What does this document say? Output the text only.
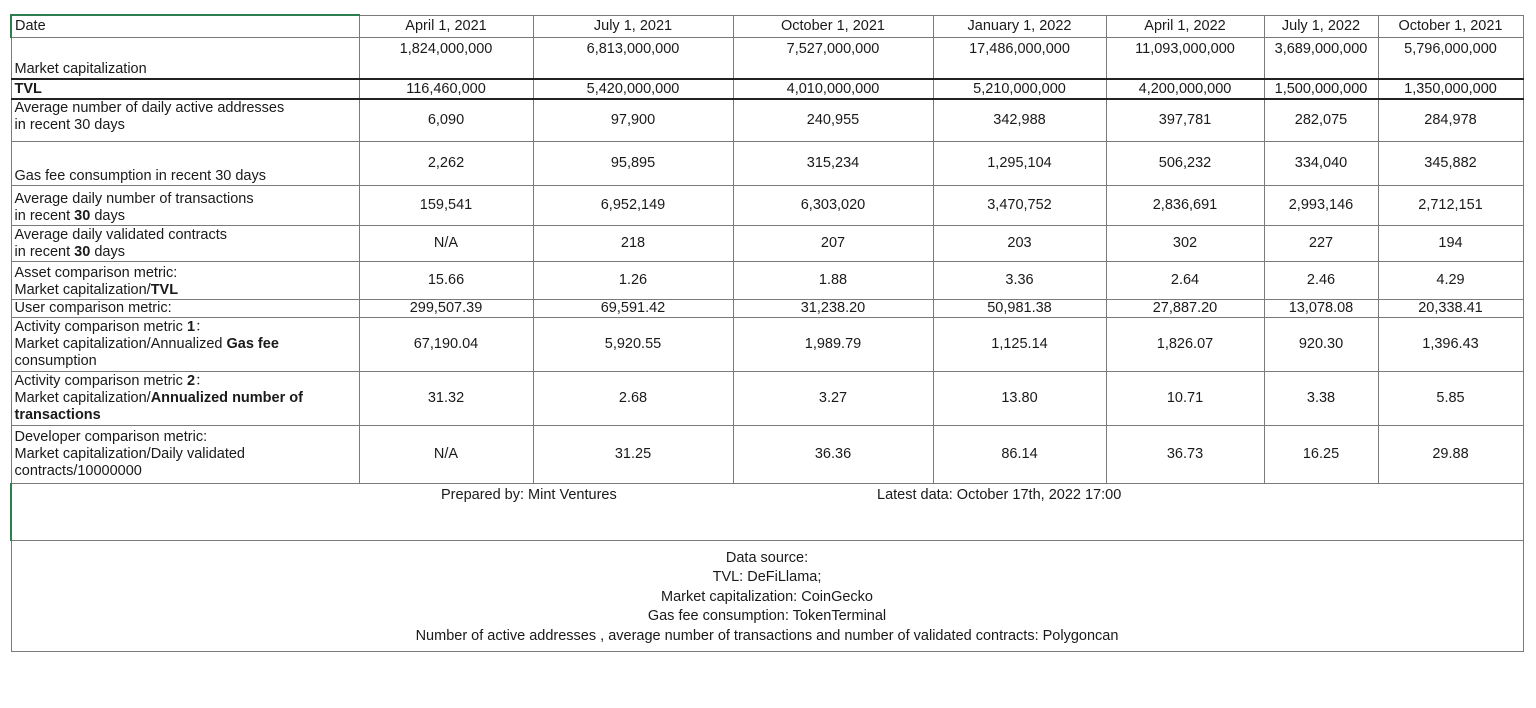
Date	April 1, 2021	July 1, 2021	October 1, 2021	January 1, 2022	April 1, 2022	July 1, 2022	October 1, 2021

Market capitalization	1,824,000,000	6,813,000,000	7,527,000,000	17,486,000,000	11,093,000,000	3,689,000,000	5,796,000,000

TVL	116,460,000	5,420,000,000	4,010,000,000	5,210,000,000	4,200,000,000	1,500,000,000	1,350,000,000

Average number of daily active addresses
in recent 30 days	6,090	97,900	240,955	342,988	397,781	282,075	284,978

Gas fee consumption in recent 30 days	2,262	95,895	315,234	1,295,104	506,232	334,040	345,882

Average daily number of transactions
in recent 30 days	159,541	6,952,149	6,303,020	3,470,752	2,836,691	2,993,146	2,712,151

Average daily validated contracts
in recent 30 days	N/A	218	207	203	302	227	194

Asset comparison metric:
Market capitalization/TVL	15.66	1.26	1.88	3.36	2.64	2.46	4.29

User comparison metric:	299,507.39	69,591.42	31,238.20	50,981.38	27,887.20	13,078.08	20,338.41

Activity comparison metric 1：
Market capitalization/Annualized Gas fee
consumption	67,190.04	5,920.55	1,989.79	1,125.14	1,826.07	920.30	1,396.43

Activity comparison metric 2：
Market capitalization/Annualized number of
transactions	31.32	2.68	3.27	13.80	10.71	3.38	5.85

Developer comparison metric:
Market capitalization/Daily validated
contracts/10000000	N/A	31.25	36.36	86.14	36.73	16.25	29.88

Prepared by: Mint Ventures Latest data: October 17th, 2022 17:00							

Data source:
TVL: DeFiLlama;
Market capitalization: CoinGecko
Gas fee consumption: TokenTerminal
Number of active addresses , average number of transactions and number of validated contracts: Polygoncan							
